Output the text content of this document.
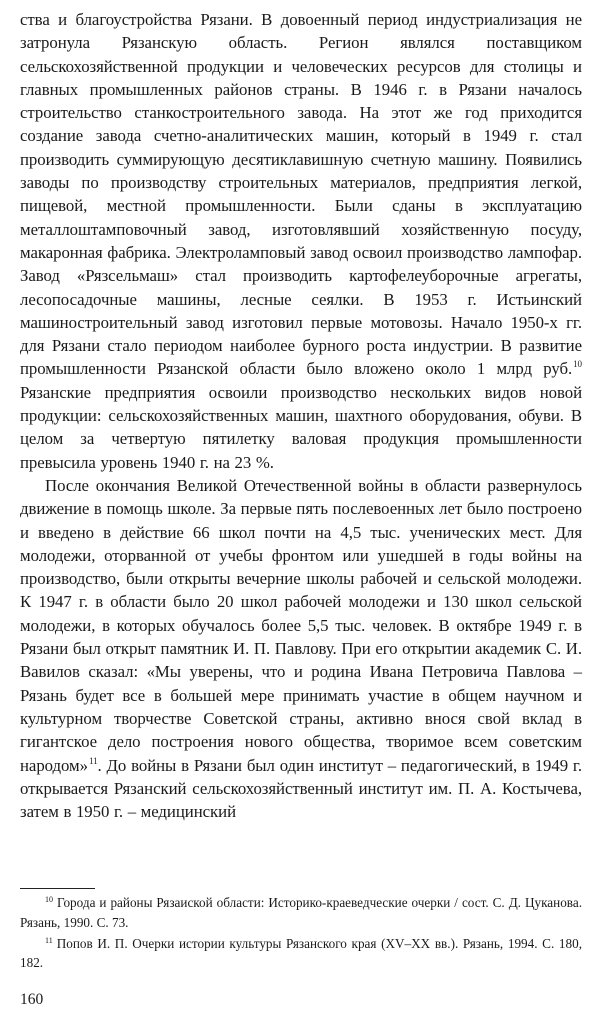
ства и благоустройства Рязани. В довоенный период индустриализация не затронула Рязанскую область. Регион являлся поставщиком сельскохозяйственной продукции и человеческих ресурсов для столицы и главных промышленных районов страны. В 1946 г. в Рязани началось строительство станкостроительного завода. На этот же год приходится создание завода счетно-аналитических машин, который в 1949 г. стал производить суммирующую десятиклавишную счетную машину. Появились заводы по производству строительных материалов, предприятия легкой, пищевой, местной промышленности. Были сданы в эксплуатацию металлоштамповочный завод, изготовлявший хозяйственную посуду, макаронная фабрика. Электроламповый завод освоил производство лампофар. Завод «Рязсельмаш» стал производить картофелеуборочные агрегаты, лесопосадочные машины, лесные сеялки. В 1953 г. Истьинский машиностроительный завод изготовил первые мотовозы. Начало 1950-х гг. для Рязани стало периодом наиболее бурного роста индустрии. В развитие промышленности Рязанской области было вложено около 1 млрд руб.$^{10}$ Рязанские предприятия освоили производство нескольких видов новой продукции: сельскохозяйственных машин, шахтного оборудования, обуви. В целом за четвертую пятилетку валовая продукция промышленности превысила уровень 1940 г. на 23 %.

После окончания Великой Отечественной войны в области развернулось движение в помощь школе. За первые пять послевоенных лет было построено и введено в действие 66 школ почти на 4,5 тыс. ученических мест. Для молодежи, оторванной от учебы фронтом или ушедшей в годы войны на производство, были открыты вечерние школы рабочей и сельской молодежи. К 1947 г. в области было 20 школ рабочей молодежи и 130 школ сельской молодежи, в которых обучалось более 5,5 тыс. человек. В октябре 1949 г. в Рязани был открыт памятник И. П. Павлову. При его открытии академик С. И. Вавилов сказал: «Мы уверены, что и родина Ивана Петровича Павлова – Рязань будет все в большей мере принимать участие в общем научном и культурном творчестве Советской страны, активно внося свой вклад в гигантское дело построения нового общества, творимое всем советским народом»$^{11}$. До войны в Рязани был один институт – педагогический, в 1949 г. открывается Рязанский сельскохозяйственный институт им. П. А. Костычева, затем в 1950 г. – медицинский

$^{10}$ Города и районы Рязаиской области: Историко-краеведческие очерки / сост. С. Д. Цуканова. Рязань, 1990. С. 73.

$^{11}$ Попов И. П. Очерки истории культуры Рязанского края (XV–XX вв.). Рязань, 1994. С. 180, 182.

160
